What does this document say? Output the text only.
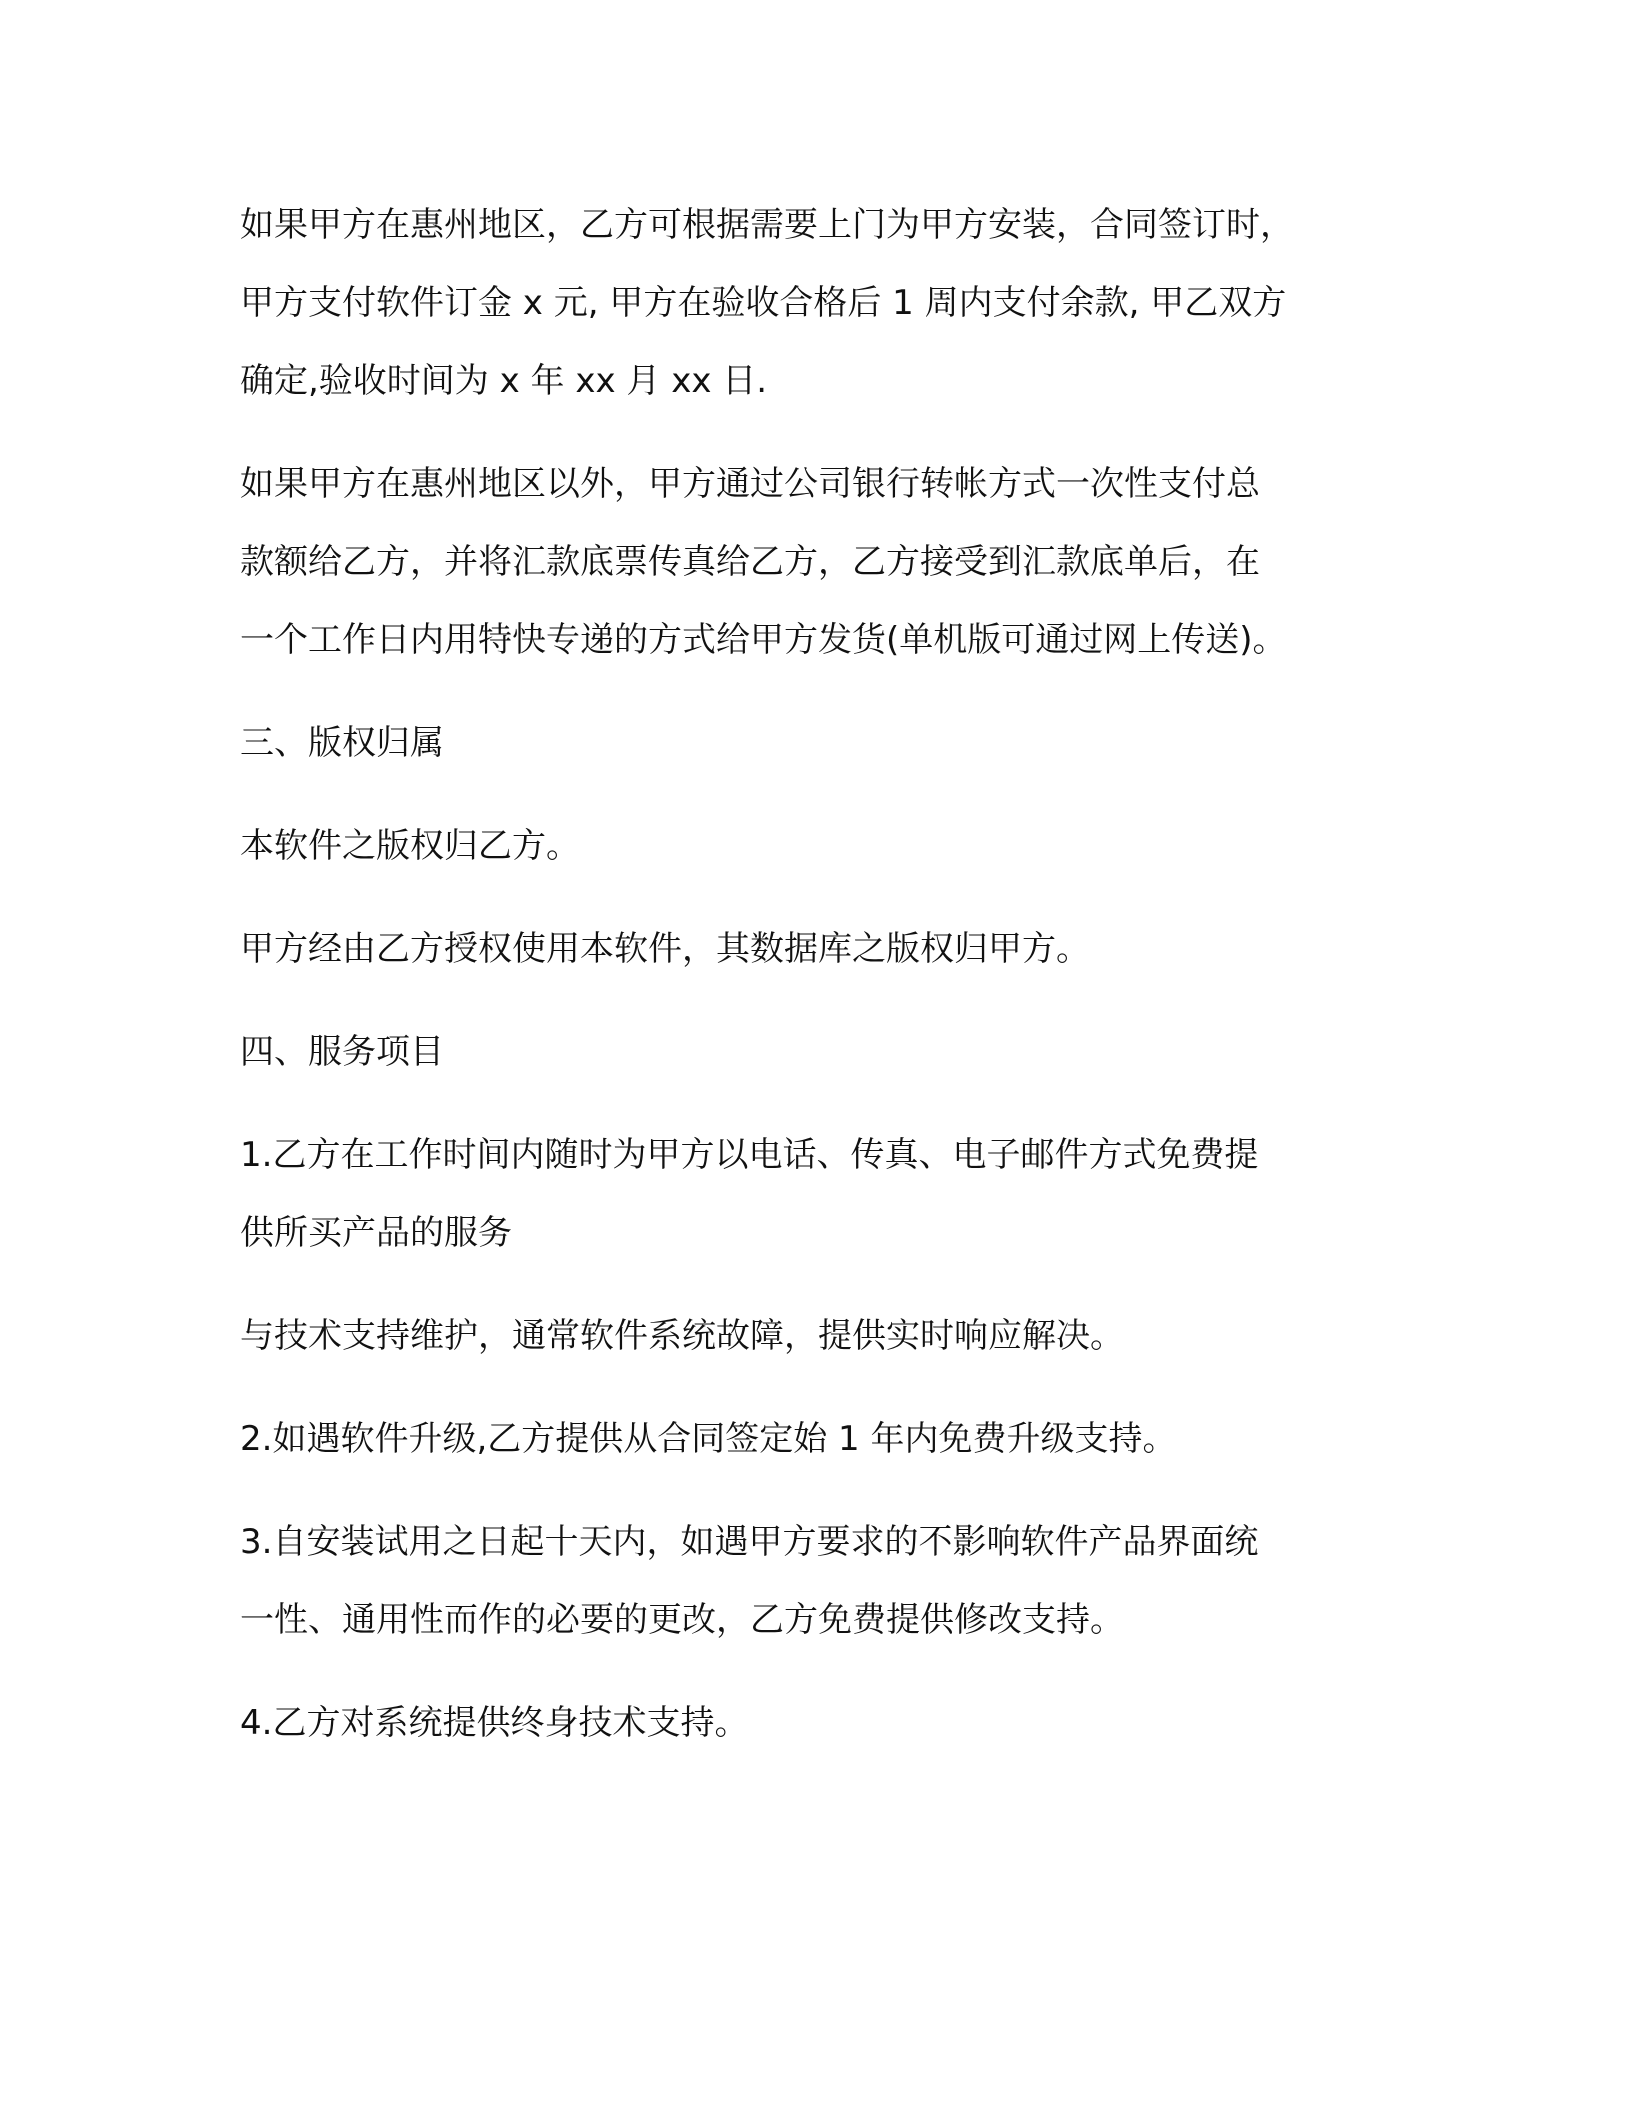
如果甲方在惠州地区，乙方可根据需要上门为甲方安装，合同签订时，
甲方支付软件订金 x 元, 甲方在验收合格后 1 周内支付余款, 甲乙双方
确定,验收时间为 x 年 xx 月 xx 日.

如果甲方在惠州地区以外，甲方通过公司银行转帐方式一次性支付总
款额给乙方，并将汇款底票传真给乙方，乙方接受到汇款底单后，在
一个工作日内用特快专递的方式给甲方发货(单机版可通过网上传送)。

三、版权归属

本软件之版权归乙方。

甲方经由乙方授权使用本软件，其数据库之版权归甲方。

四、服务项目

1.乙方在工作时间内随时为甲方以电话、传真、电子邮件方式免费提
供所买产品的服务

与技术支持维护，通常软件系统故障，提供实时响应解决。

2.如遇软件升级,乙方提供从合同签定始 1 年内免费升级支持。

3.自安装试用之日起十天内，如遇甲方要求的不影响软件产品界面统
一性、通用性而作的必要的更改，乙方免费提供修改支持。

4.乙方对系统提供终身技术支持。
